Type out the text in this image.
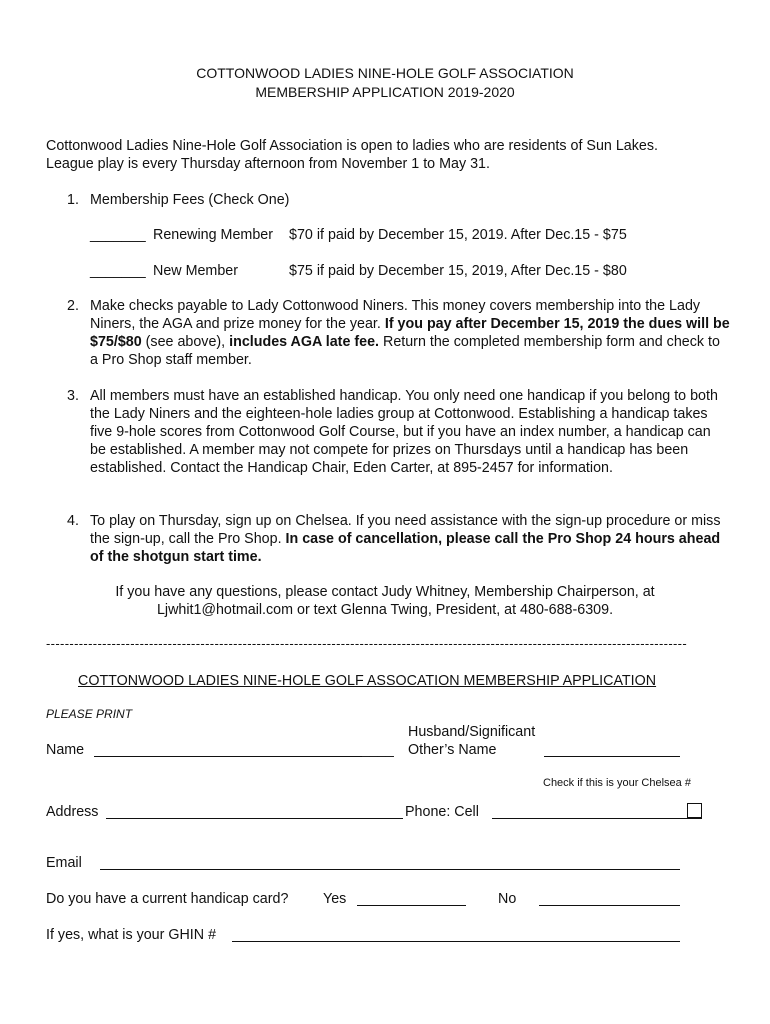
COTTONWOOD LADIES NINE-HOLE GOLF ASSOCIATION
MEMBERSHIP APPLICATION 2019-2020
Cottonwood Ladies Nine-Hole Golf Association is open to ladies who are residents of Sun Lakes.
League play is every Thursday afternoon from November 1 to May 31.
1. Membership Fees (Check One)
_______ Renewing Member $70 if paid by December 15, 2019. After Dec.15 - $75
_______ New Member	$75 if paid by December 15, 2019, After Dec.15 - $80
2. Make checks payable to Lady Cottonwood Niners. This money covers membership into the Lady Niners, the AGA and prize money for the year. If you pay after December 15, 2019 the dues will be $75/$80 (see above), includes AGA late fee. Return the completed membership form and check to a Pro Shop staff member.
3. All members must have an established handicap. You only need one handicap if you belong to both the Lady Niners and the eighteen-hole ladies group at Cottonwood. Establishing a handicap takes five 9-hole scores from Cottonwood Golf Course, but if you have an index number, a handicap can be established. A member may not compete for prizes on Thursdays until a handicap has been established. Contact the Handicap Chair, Eden Carter, at 895-2457 for information.
4. To play on Thursday, sign up on Chelsea. If you need assistance with the sign-up procedure or miss the sign-up, call the Pro Shop. In case of cancellation, please call the Pro Shop 24 hours ahead of the shotgun start time.
If you have any questions, please contact Judy Whitney, Membership Chairperson, at
Ljwhit1@hotmail.com or text Glenna Twing, President, at 480-688-6309.
-----------------------------------------------------------------------------------------------------------------------------------------
COTTONWOOD LADIES NINE-HOLE GOLF ASSOCATION MEMBERSHIP APPLICATION
PLEASE PRINT
Name	____
Husband/Significant
Other’s Name
Check if this is your Chelsea #
Address	Phone: Cell
Email
Do you have a current handicap card? Yes	No
If yes, what is your GHIN #
